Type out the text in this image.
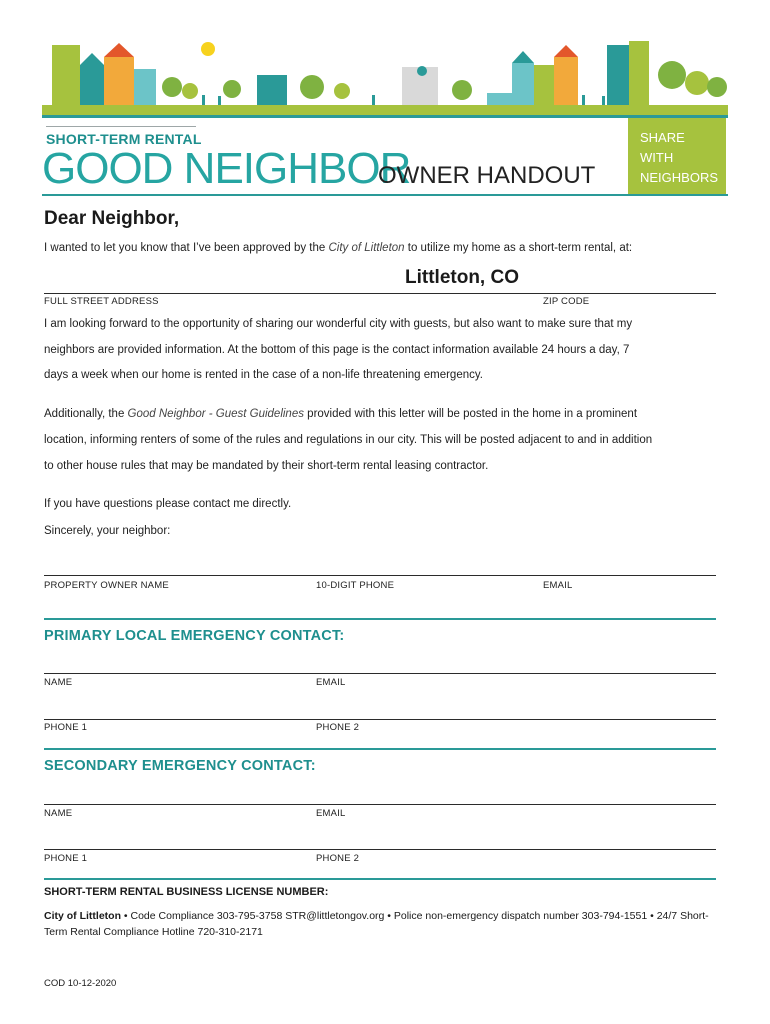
SHORT-TERM RENTAL
GOOD NEIGHBOR
OWNER HANDOUT
SHARE
WITH
NEIGHBORS
Dear Neighbor,
I wanted to let you know that I’ve been approved by the City of Littleton to utilize my home as a short-term rental, at:
Littleton, CO
FULL STREET ADDRESS	ZIP CODE
I am looking forward to the opportunity of sharing our wonderful city with guests, but also want to make sure that my
neighbors are provided information. At the bottom of this page is the contact information available 24 hours a day, 7
days a week when our home is rented in the case of a non-life threatening emergency.
Additionally, the Good Neighbor - Guest Guidelines provided with this letter will be posted in the home in a prominent
location, informing renters of some of the rules and regulations in our city. This will be posted adjacent to and in addition
to other house rules that may be mandated by their short-term rental leasing contractor.
If you have questions please contact me directly.
Sincerely, your neighbor:
PROPERTY OWNER NAME	10-DIGIT PHONE	EMAIL
PRIMARY LOCAL EMERGENCY CONTACT:
NAME	EMAIL
PHONE 1	PHONE 2
SECONDARY EMERGENCY CONTACT:
NAME	EMAIL
PHONE 1	PHONE 2
SHORT-TERM RENTAL BUSINESS LICENSE NUMBER:
City of Littleton • Code Compliance 303-795-3758 STR@littletongov.org • Police non-emergency dispatch number 303-794-1551 • 24/7 Short-
Term Rental Compliance Hotline 720-310-2171
COD 10-12-2020
